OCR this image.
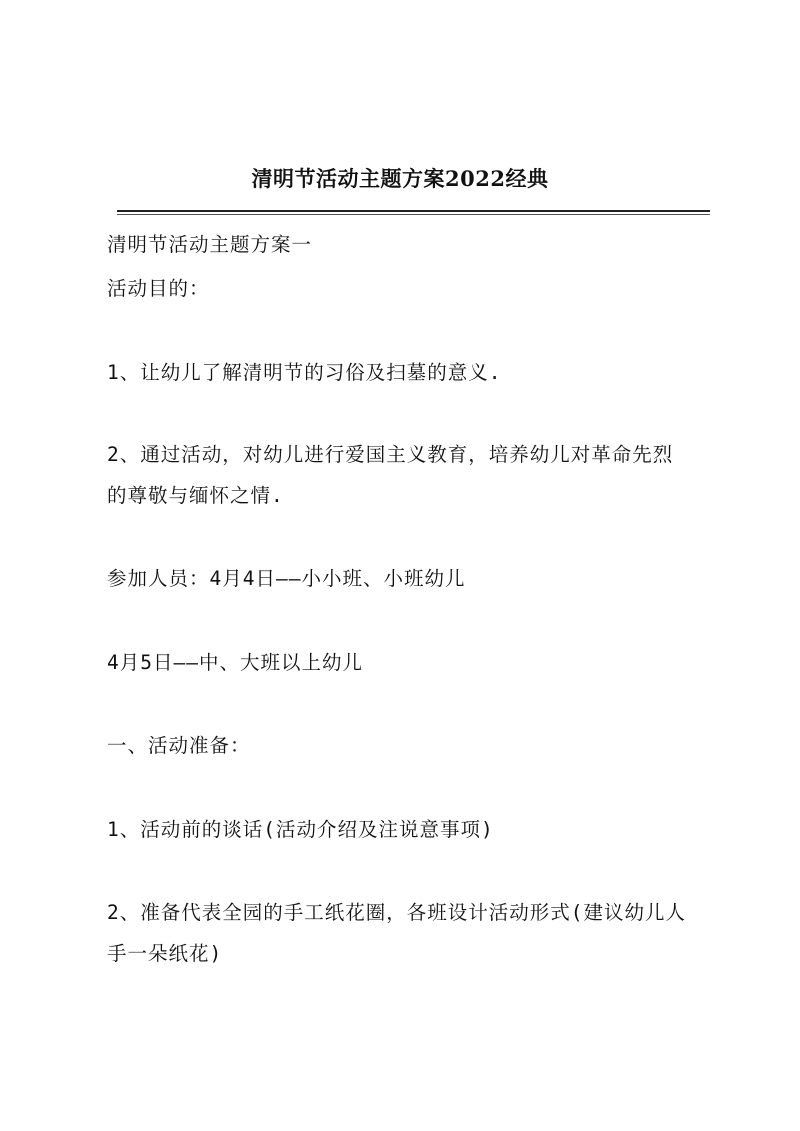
清明节活动主题方案2022经典
清明节活动主题方案一
活动目的：
1、让幼儿了解清明节的习俗及扫墓的意义.
2、通过活动，对幼儿进行爱国主义教育，培养幼儿对革命先烈
的尊敬与缅怀之情.
参加人员：4月4日——小小班、小班幼儿
4月5日——中、大班以上幼儿
一、活动准备：
1、活动前的谈话(活动介绍及注说意事项)
2、准备代表全园的手工纸花圈，各班设计活动形式(建议幼儿人
手一朵纸花)
